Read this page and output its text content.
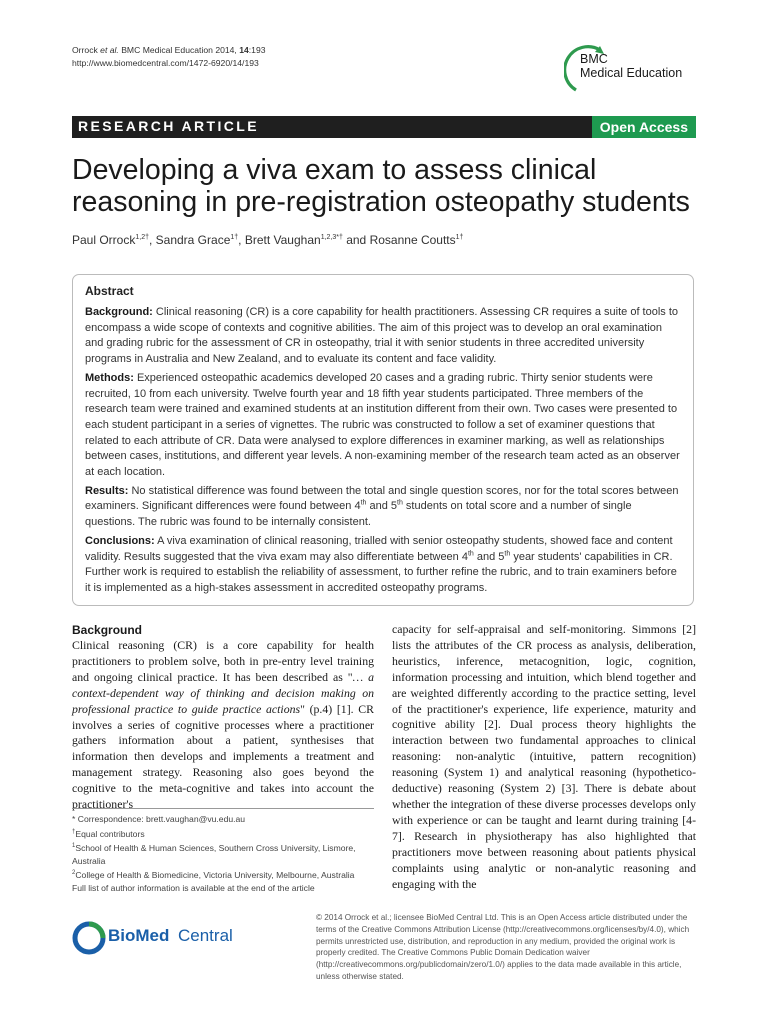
Orrock et al. BMC Medical Education 2014, 14:193
http://www.biomedcentral.com/1472-6920/14/193	BMC
Medical Education
RESEARCH ARTICLE	Open Access
Developing a viva exam to assess clinical
reasoning in pre-registration osteopathy students
Paul Orrock$^{1,2\dagger}$, Sandra Grace$^{1\dagger}$, Brett Vaughan$^{1,2,3*\dagger}$ and Rosanne Coutts$^{1\dagger}$

Abstract

Background: Clinical reasoning (CR) is a core capability for health practitioners. Assessing CR requires a suite of tools to encompass a wide scope of contexts and cognitive abilities. The aim of this project was to develop an oral examination and grading rubric for the assessment of CR in osteopathy, trial it with senior students in three accredited university programs in Australia and New Zealand, and to evaluate its content and face validity.

Methods: Experienced osteopathic academics developed 20 cases and a grading rubric. Thirty senior students were recruited, 10 from each university. Twelve fourth year and 18 fifth year students participated. Three members of the research team were trained and examined students at an institution different from their own. Two cases were presented to each student participant in a series of vignettes. The rubric was constructed to follow a set of examiner questions that related to each attribute of CR. Data were analysed to explore differences in examiner marking, as well as relationships between cases, institutions, and different year levels. A non-examining member of the research team acted as an observer at each location.

Results: No statistical difference was found between the total and single question scores, nor for the total scores between examiners. Significant differences were found between 4th and 5th students on total score and a number of single questions. The rubric was found to be internally consistent.

Conclusions: A viva examination of clinical reasoning, trialled with senior osteopathy students, showed face and content validity. Results suggested that the viva exam may also differentiate between 4th and 5th year students' capabilities in CR. Further work is required to establish the reliability of assessment, to further refine the rubric, and to train examiners before it is implemented as a high-stakes assessment in accredited osteopathy programs.

Background

Clinical reasoning (CR) is a core capability for health practitioners to problem solve, both in pre-entry level training and ongoing clinical practice. It has been described as "… a context-dependent way of thinking and decision making on professional practice to guide practice actions" (p.4) [1]. CR involves a series of cognitive processes where a practitioner gathers information about a patient, synthesises that information then develops and implements a treatment and management strategy. Reasoning also goes beyond the cognitive to the meta-cognitive and takes into account the practitioner's

capacity for self-appraisal and self-monitoring. Simmons [2] lists the attributes of the CR process as analysis, deliberation, heuristics, inference, metacognition, logic, cognition, information processing and intuition, which blend together and are weighted differently according to the practice setting, level of the practitioner's experience, life experience, maturity and cognitive ability [2]. Dual process theory highlights the interaction between two fundamental approaches to clinical reasoning: non-analytic (intuitive, pattern recognition) reasoning (System 1) and analytical reasoning (hypothetico-deductive) reasoning (System 2) [3]. There is debate about whether the integration of these diverse processes develops only with experience or can be taught and learnt during training [4-7]. Research in physiotherapy has also highlighted that practitioners move between reasoning about patients physical complaints using analytic or non-analytic reasoning and engaging with the

* Correspondence: brett.vaughan@vu.edu.au
†Equal contributors
$^1$School of Health & Human Sciences, Southern Cross University, Lismore, Australia
$^2$College of Health & Biomedicine, Victoria University, Melbourne, Australia
Full list of author information is available at the end of the article
BioMed Central
© 2014 Orrock et al.; licensee BioMed Central Ltd. This is an Open Access article distributed under the terms of the Creative Commons Attribution License (http://creativecommons.org/licenses/by/4.0), which permits unrestricted use, distribution, and reproduction in any medium, provided the original work is properly credited. The Creative Commons Public Domain Dedication waiver (http://creativecommons.org/publicdomain/zero/1.0/) applies to the data made available in this article, unless otherwise stated.
